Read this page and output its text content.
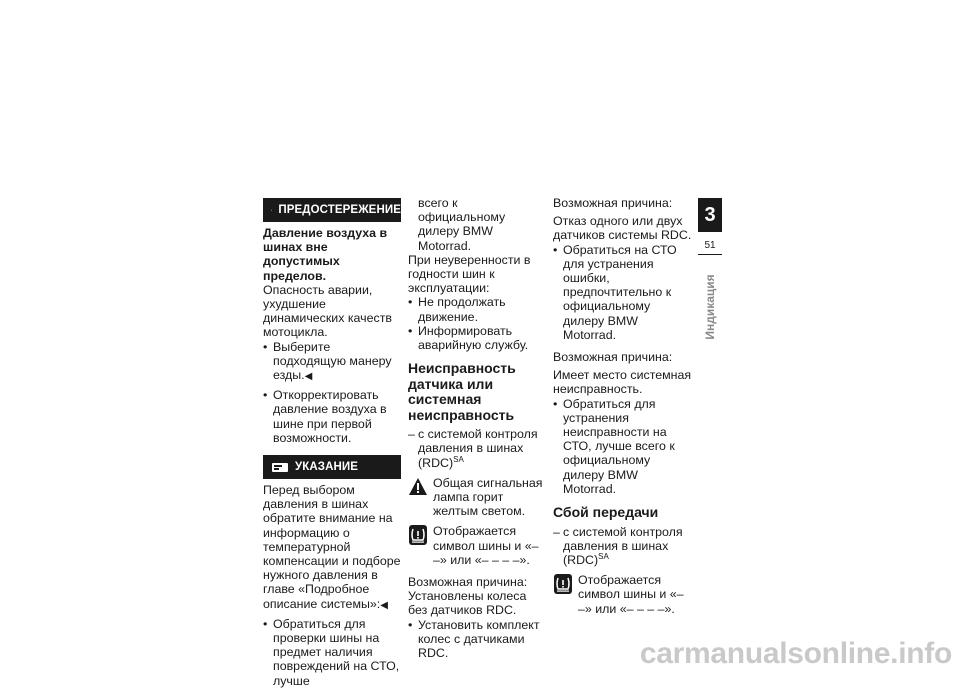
ПРЕДОСТЕРЕЖЕНИЕ

Давление воздуха в шинах вне допустимых пределов.

Опасность аварии, ухудшение динамических качеств мотоцикла.

• Выберите подходящую манеру езды.◀

• Откорректировать давление воздуха в шине при первой возможности.

УКАЗАНИЕ

Перед выбором давления в шинах обратите внимание на информацию о температурной компенсации и подборе нужного давления в главе «Подробное описание системы»:◀

• Обратиться для проверки шины на предмет наличия повреждений на СТО, лучше

всего к официальному дилеру BMW Motorrad.

При неуверенности в годности шин к эксплуатации:

• Не продолжать движение.

• Информировать аварийную службу.

Неисправность датчика или системная неисправность

– с системой контроля давления в шинах (RDC)$^{SA}$

Общая сигнальная лампа горит желтым светом.
Отображается символ шины и «– –» или «– – – –».

Возможная причина:

Установлены колеса без датчиков RDC.

• Установить комплект колес с датчиками RDC.

Возможная причина:

Отказ одного или двух датчиков системы RDC.

• Обратиться на СТО для устранения ошибки, предпочтительно к официальному дилеру BMW Motorrad.

Возможная причина:

Имеет место системная неисправность.

• Обратиться для устранения неисправности на СТО, лучше всего к официальному дилеру BMW Motorrad.

Сбой передачи

– с системой контроля давления в шинах (RDC)$^{SA}$

Отображается символ шины и «– –» или «– – – –».
3
51
Индикация
carmanualsonline.info
